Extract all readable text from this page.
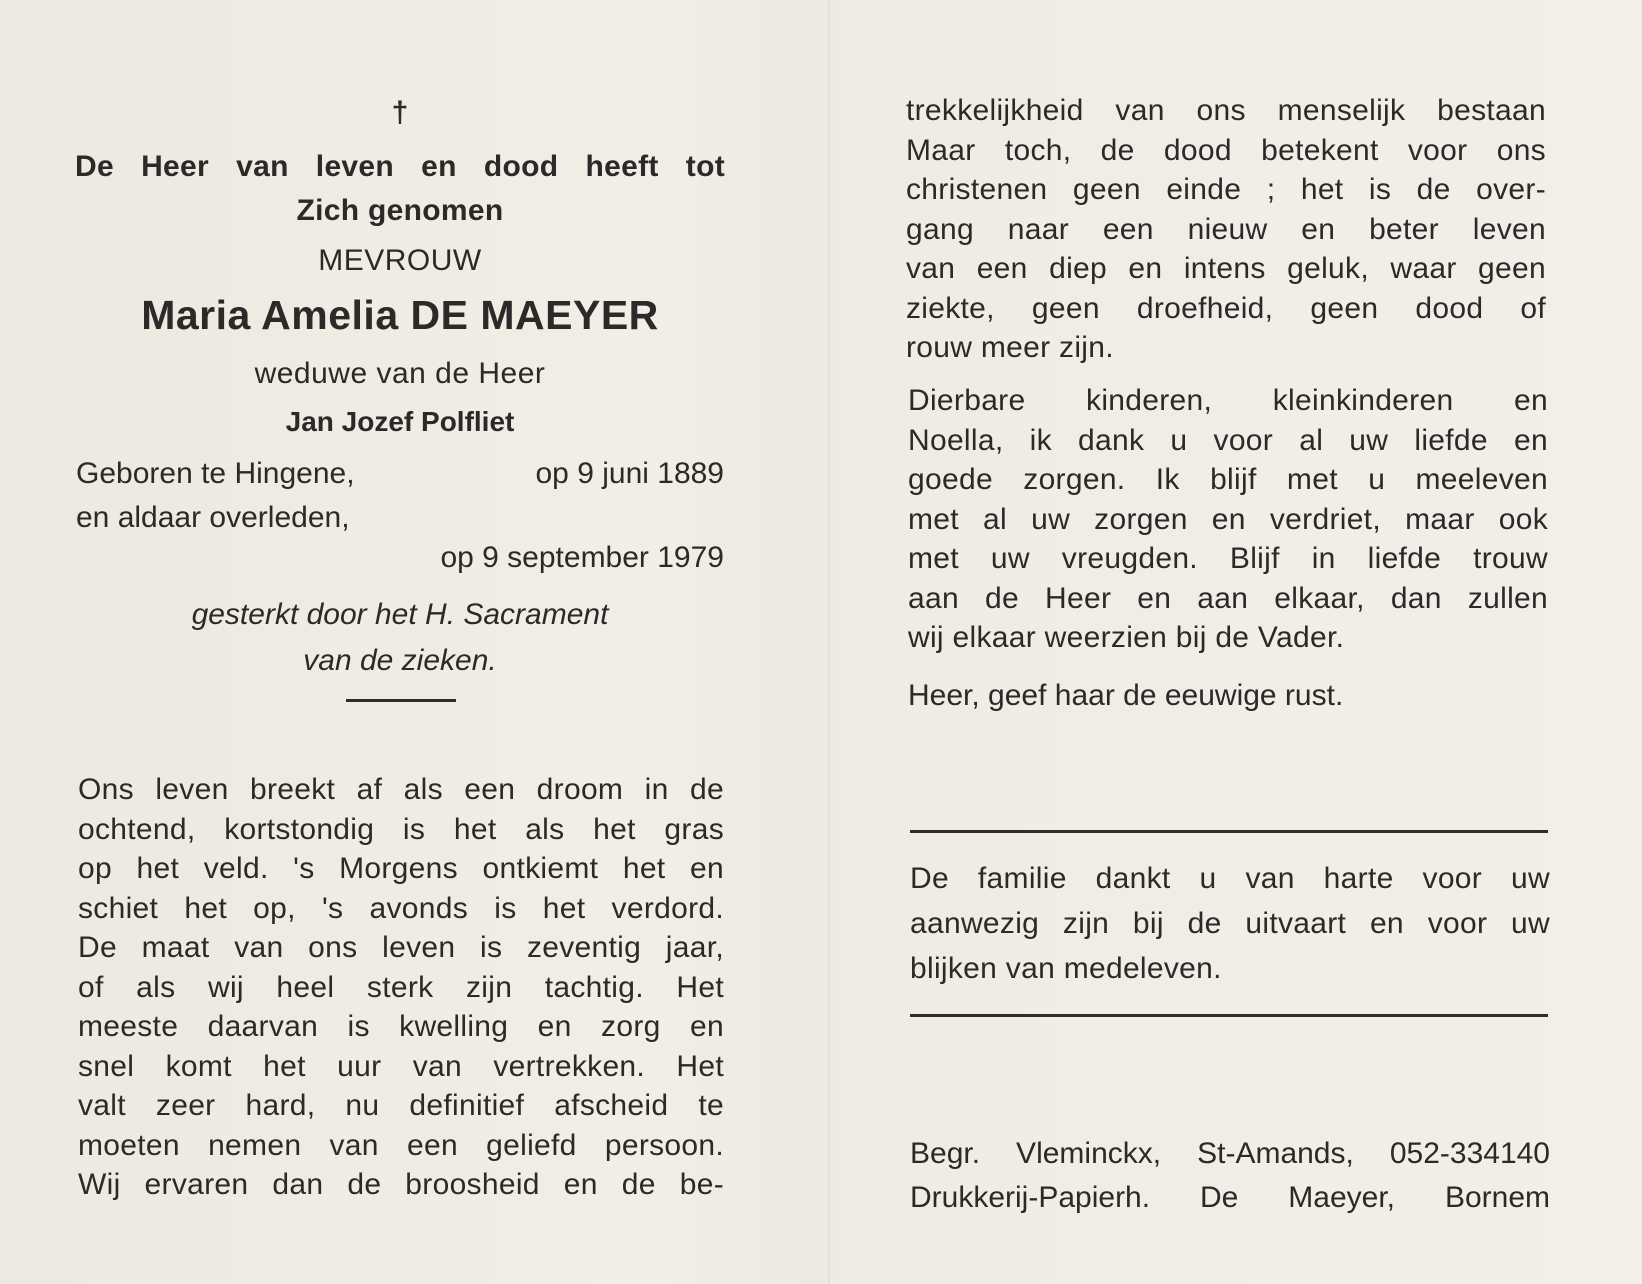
†
De Heer van leven en dood heeft tot
Zich genomen
MEVROUW
Maria Amelia DE MAEYER
weduwe van de Heer
Jan Jozef Polfliet
Geboren te Hingene,	op 9 juni 1889
en aldaar overleden,
op 9 september 1979
gesterkt door het H. Sacrament
van de zieken.
Ons leven breekt af als een droom in de
ochtend, kortstondig is het als het gras
op het veld. 's Morgens ontkiemt het en
schiet het op, 's avonds is het verdord.
De maat van ons leven is zeventig jaar,
of als wij heel sterk zijn tachtig. Het
meeste daarvan is kwelling en zorg en
snel komt het uur van vertrekken. Het
valt zeer hard, nu definitief afscheid te
moeten nemen van een geliefd persoon.
Wij ervaren dan de broosheid en de be-
trekkelijkheid van ons menselijk bestaan
Maar toch, de dood betekent voor ons
christenen geen einde ; het is de over-
gang naar een nieuw en beter leven
van een diep en intens geluk, waar geen
ziekte, geen droefheid, geen dood of
rouw meer zijn.
Dierbare kinderen, kleinkinderen en
Noella, ik dank u voor al uw liefde en
goede zorgen. Ik blijf met u meeleven
met al uw zorgen en verdriet, maar ook
met uw vreugden. Blijf in liefde trouw
aan de Heer en aan elkaar, dan zullen
wij elkaar weerzien bij de Vader.
Heer, geef haar de eeuwige rust.
De familie dankt u van harte voor uw
aanwezig zijn bij de uitvaart en voor uw
blijken van medeleven.
Begr. Vleminckx, St-Amands, 052-334140
Drukkerij-Papierh. De Maeyer, Bornem
